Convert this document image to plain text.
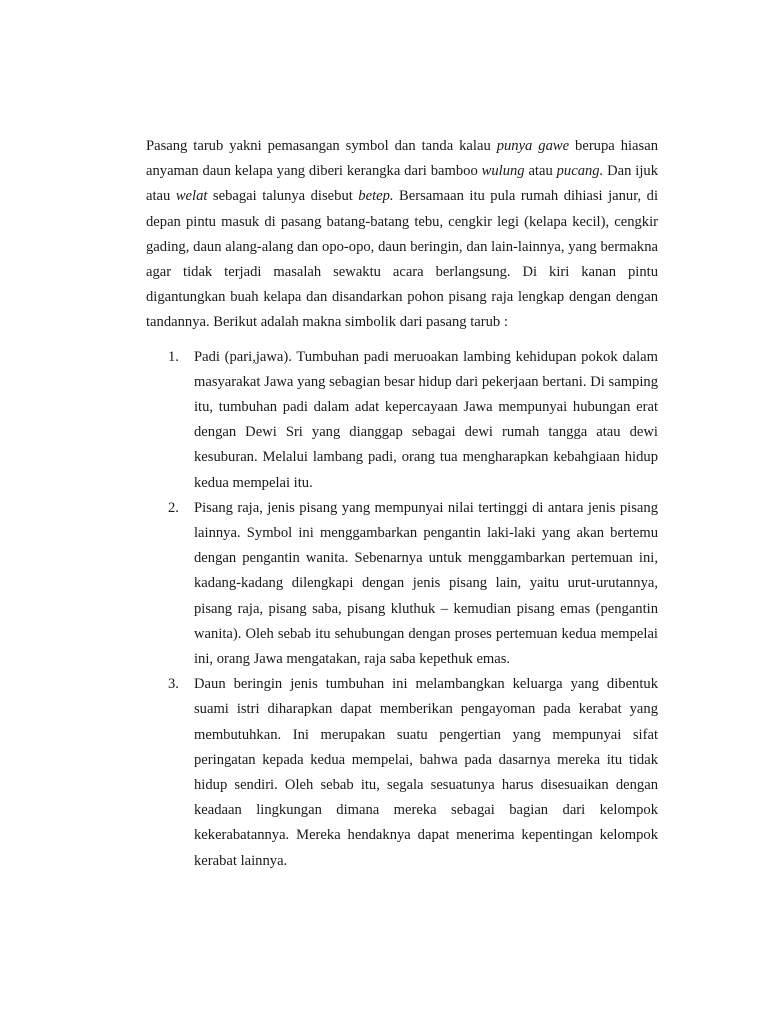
Pasang tarub yakni pemasangan symbol dan tanda kalau punya gawe berupa hiasan anyaman daun kelapa yang diberi kerangka dari bamboo wulung atau pucang. Dan ijuk atau welat sebagai talunya disebut betep. Bersamaan itu pula rumah dihiasi janur, di depan pintu masuk di pasang batang-batang tebu, cengkir legi (kelapa kecil), cengkir gading, daun alang-alang dan opo-opo, daun beringin, dan lain-lainnya, yang bermakna agar tidak terjadi masalah sewaktu acara berlangsung. Di kiri kanan pintu digantungkan buah kelapa dan disandarkan pohon pisang raja lengkap dengan dengan tandannya. Berikut adalah makna simbolik dari pasang tarub :

1. Padi (pari,jawa). Tumbuhan padi meruoakan lambing kehidupan pokok dalam masyarakat Jawa yang sebagian besar hidup dari pekerjaan bertani. Di samping itu, tumbuhan padi dalam adat kepercayaan Jawa mempunyai hubungan erat dengan Dewi Sri yang dianggap sebagai dewi rumah tangga atau dewi kesuburan. Melalui lambang padi, orang tua mengharapkan kebahgiaan hidup kedua mempelai itu.

2. Pisang raja, jenis pisang yang mempunyai nilai tertinggi di antara jenis pisang lainnya. Symbol ini menggambarkan pengantin laki-laki yang akan bertemu dengan pengantin wanita. Sebenarnya untuk menggambarkan pertemuan ini, kadang-kadang dilengkapi dengan jenis pisang lain, yaitu urut-urutannya, pisang raja, pisang saba, pisang kluthuk – kemudian pisang emas (pengantin wanita). Oleh sebab itu sehubungan dengan proses pertemuan kedua mempelai ini, orang Jawa mengatakan, raja saba kepethuk emas.

3. Daun beringin jenis tumbuhan ini melambangkan keluarga yang dibentuk suami istri diharapkan dapat memberikan pengayoman pada kerabat yang membutuhkan. Ini merupakan suatu pengertian yang mempunyai sifat peringatan kepada kedua mempelai, bahwa pada dasarnya mereka itu tidak hidup sendiri. Oleh sebab itu, segala sesuatunya harus disesuaikan dengan keadaan lingkungan dimana mereka sebagai bagian dari kelompok kekerabatannya. Mereka hendaknya dapat menerima kepentingan kelompok kerabat lainnya.
